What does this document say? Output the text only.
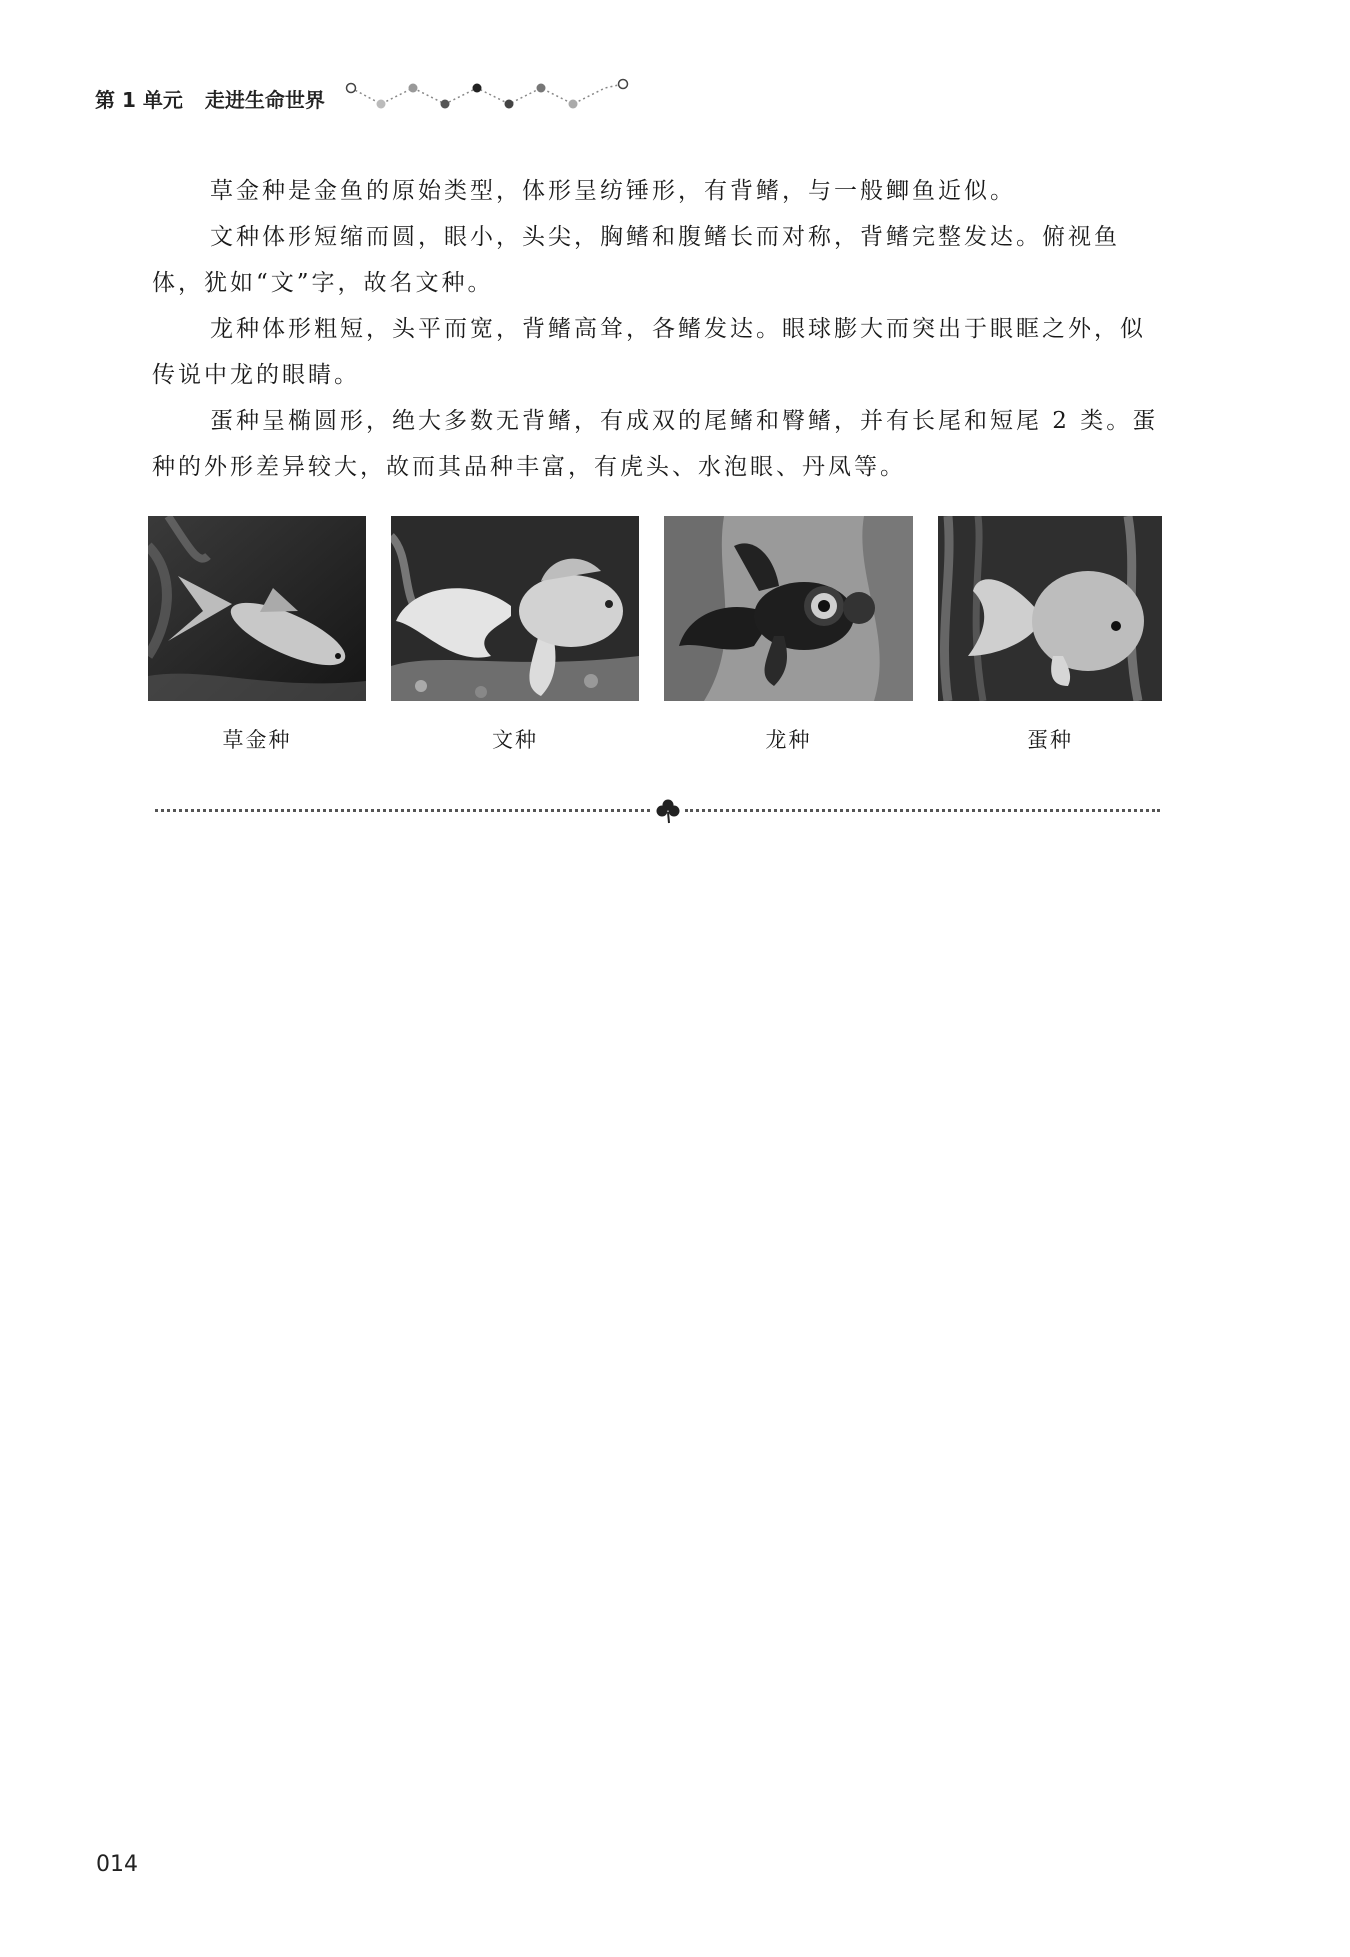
第 1 单元 走进生命世界

草金种是金鱼的原始类型，体形呈纺锤形，有背鳍，与一般鲫鱼近似。

文种体形短缩而圆，眼小，头尖，胸鳍和腹鳍长而对称，背鳍完整发达。俯视鱼体，犹如“文”字，故名文种。

龙种体形粗短，头平而宽，背鳍高耸，各鳍发达。眼球膨大而突出于眼眶之外，似传说中龙的眼睛。

蛋种呈椭圆形，绝大多数无背鳍，有成双的尾鳍和臀鳍，并有长尾和短尾 2 类。蛋种的外形差异较大，故而其品种丰富，有虎头、水泡眼、丹凤等。

草金种	文种	龙种	蛋种
014
